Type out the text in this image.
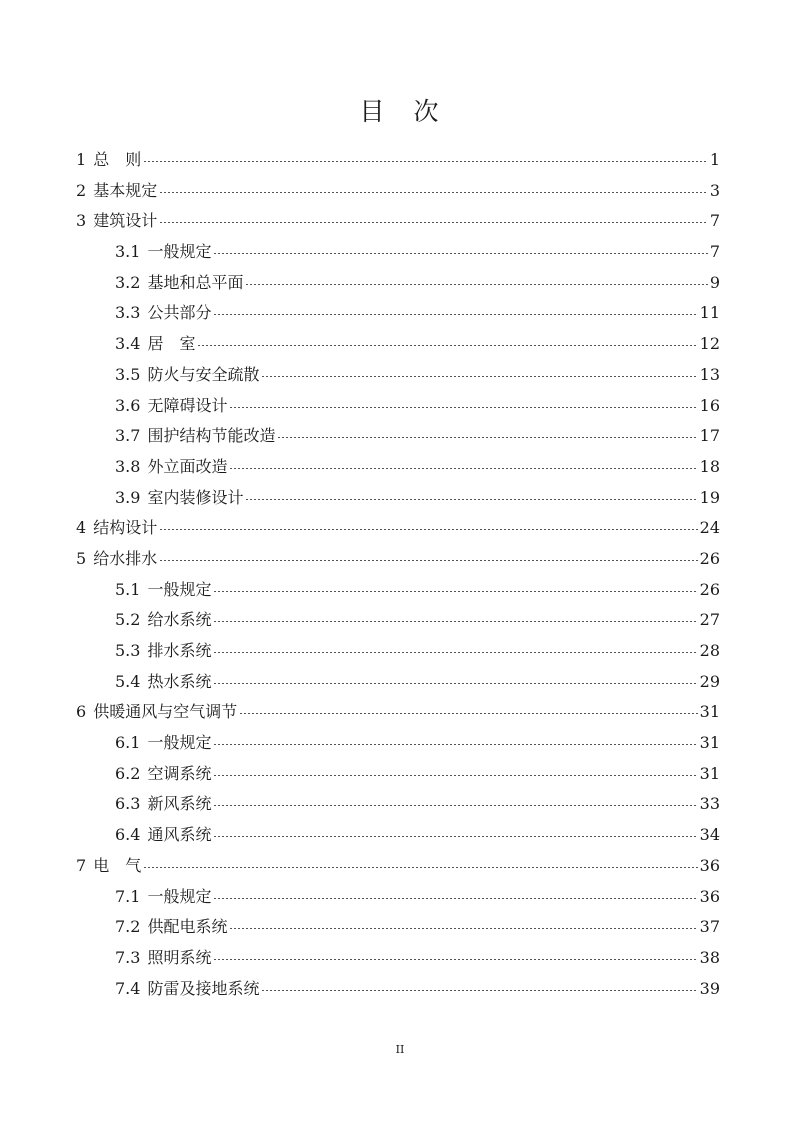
目　次
1 总　则	1
2 基本规定	3
3 建筑设计	7
3.1 一般规定	7
3.2 基地和总平面	9
3.3 公共部分	11
3.4 居　室	12
3.5 防火与安全疏散	13
3.6 无障碍设计	16
3.7 围护结构节能改造	17
3.8 外立面改造	18
3.9 室内装修设计	19
4 结构设计	24
5 给水排水	26
5.1 一般规定	26
5.2 给水系统	27
5.3 排水系统	28
5.4 热水系统	29
6 供暖通风与空气调节	31
6.1 一般规定	31
6.2 空调系统	31
6.3 新风系统	33
6.4 通风系统	34
7 电　气	36
7.1 一般规定	36
7.2 供配电系统	37
7.3 照明系统	38
7.4 防雷及接地系统	39
II
